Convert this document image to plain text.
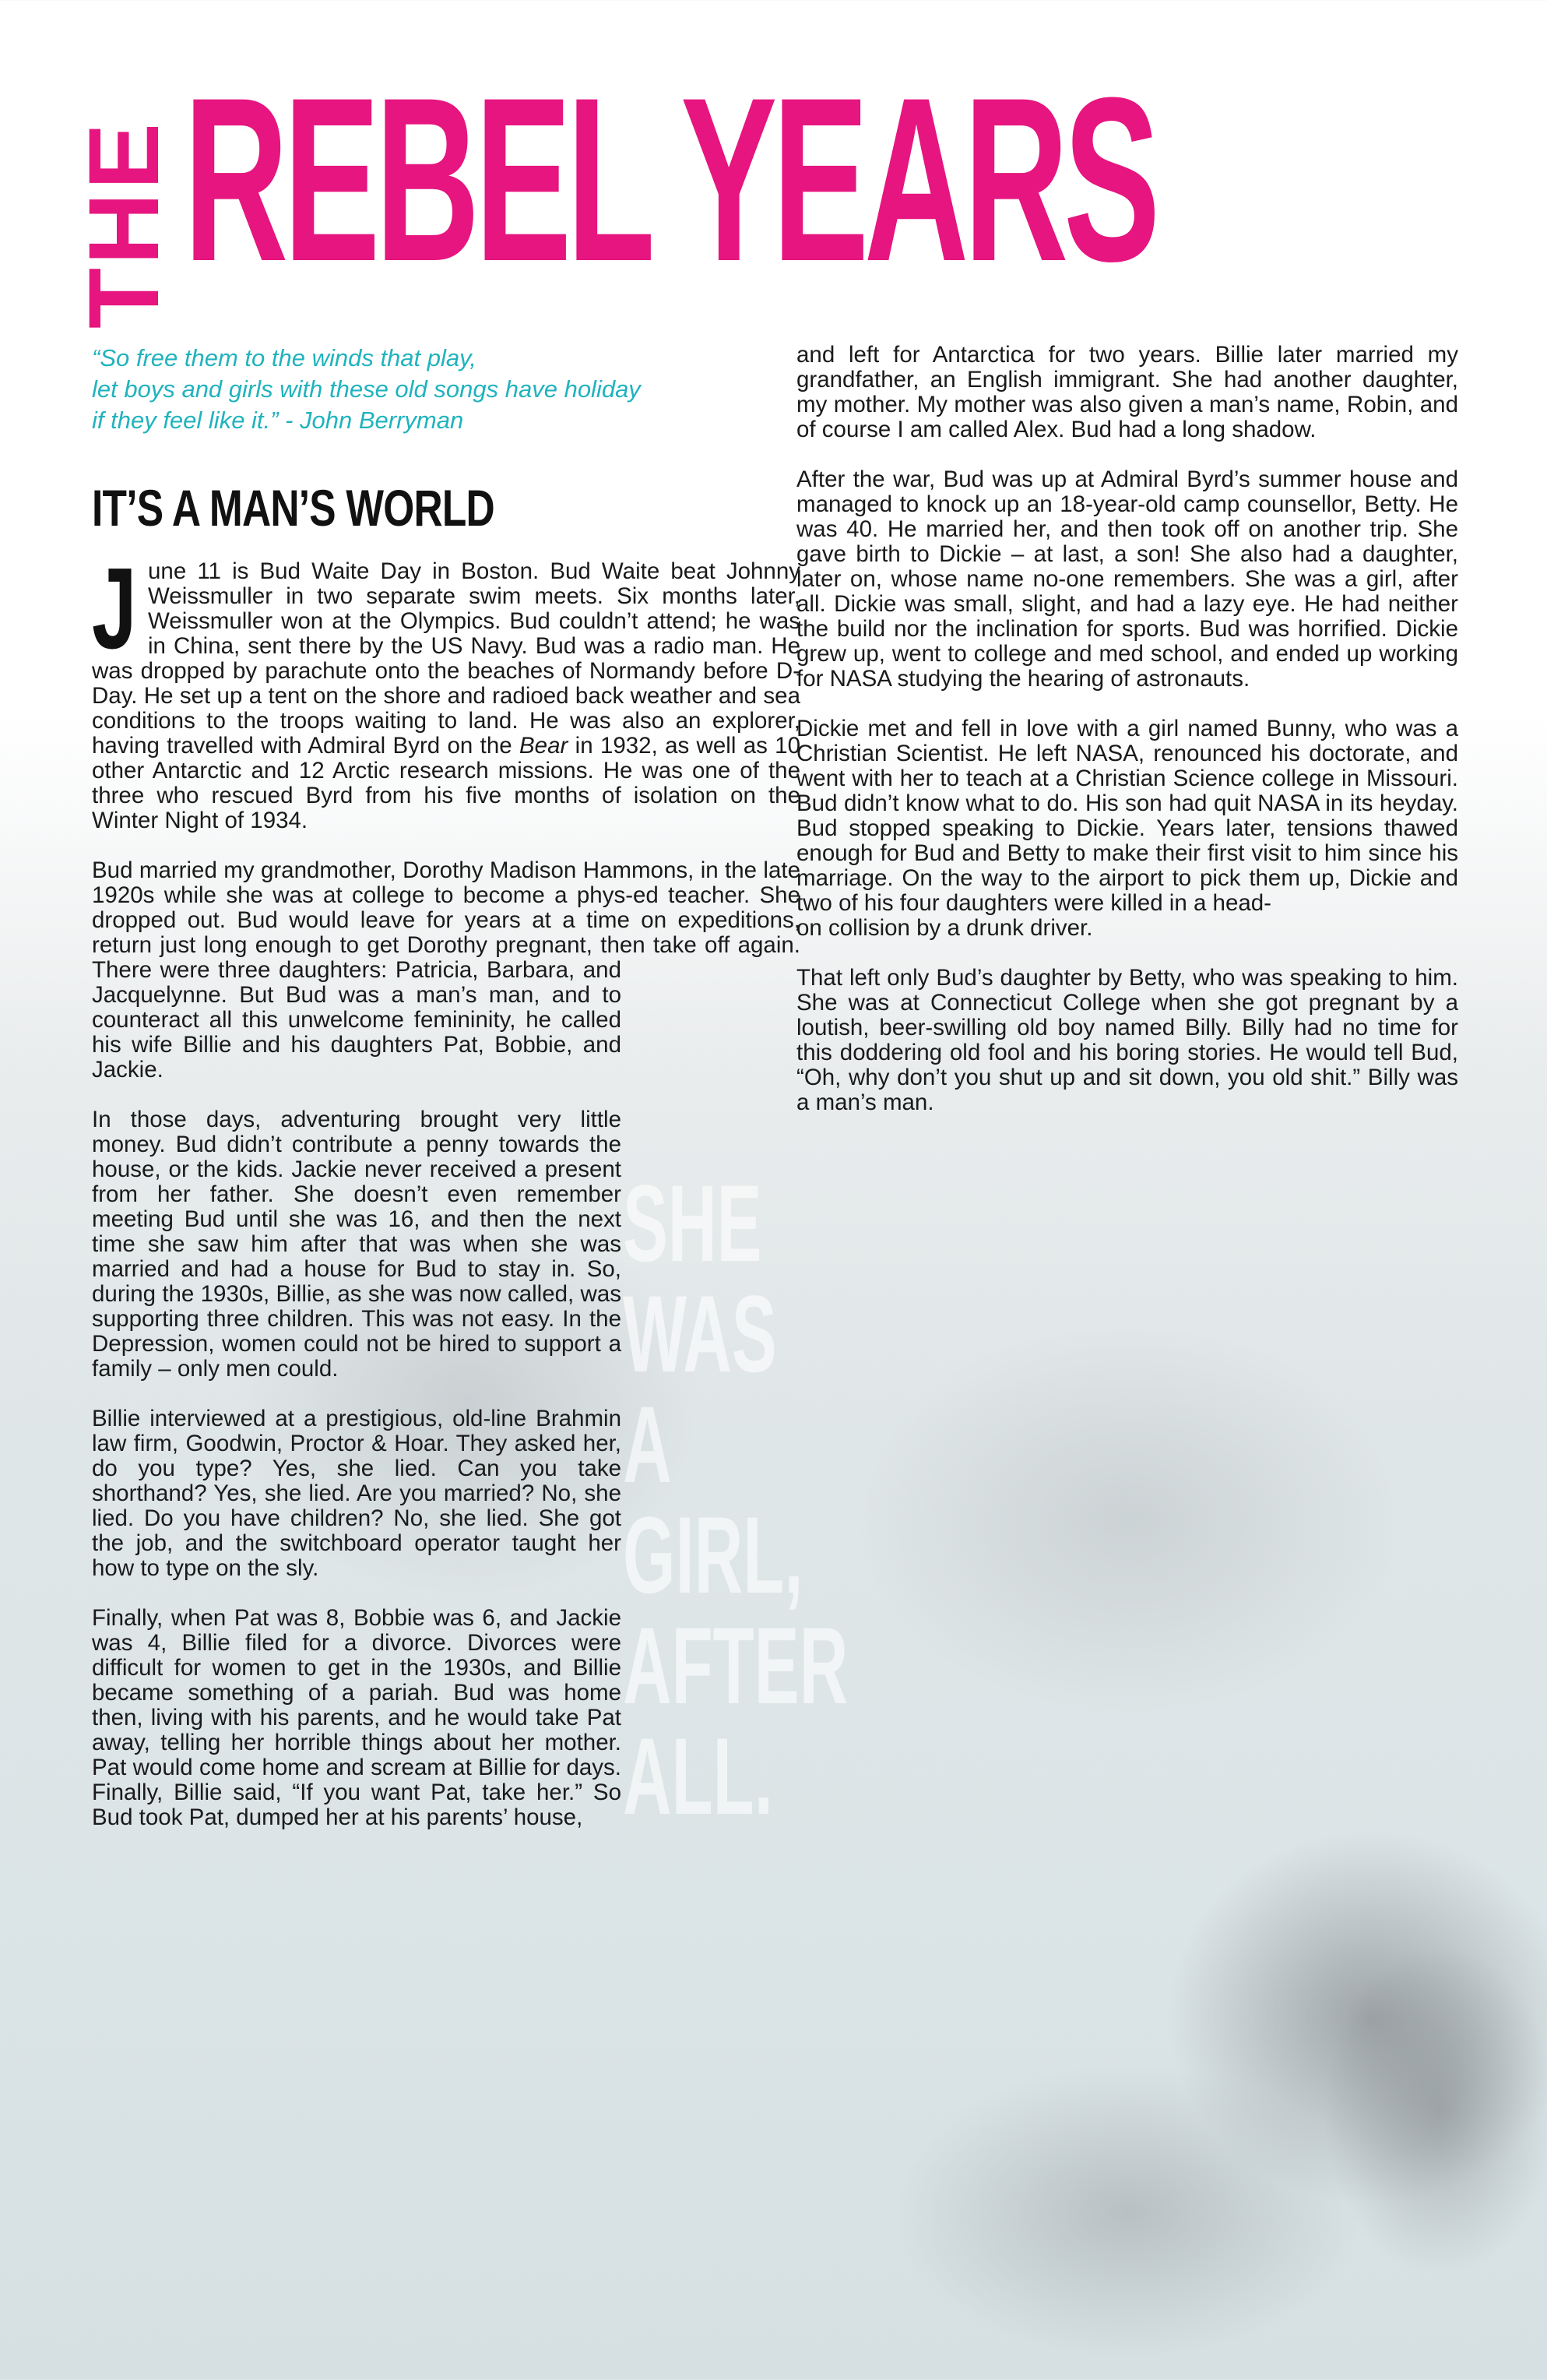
THE REBEL YEARS
“So free them to the winds that play,
let boys and girls with these old songs have holiday
if they feel like it.” - John Berryman
IT’S A MAN’S WORLD

J une 11 is Bud Waite Day in Boston. Bud Waite beat Johnny Weissmuller in two separate swim meets. Six months later, Weissmuller won at the Olympics. Bud couldn’t attend; he was in China, sent there by the US Navy. Bud was a radio man. He was dropped by parachute onto the beaches of Normandy before D-Day. He set up a tent on the shore and radioed back weather and sea conditions to the troops waiting to land. He was also an explorer, having travelled with Admiral Byrd on the Bear in 1932, as well as 10 other Antarctic and 12 Arctic research missions. He was one of the three who rescued Byrd from his five months of isolation on the Winter Night of 1934.

Bud married my grandmother, Dorothy Madison Hammons, in the late 1920s while she was at college to become a phys-ed teacher. She dropped out. Bud would leave for years at a time on expeditions, return just long enough to get Dorothy pregnant, then take off again. There were three daughters: Patricia, Barbara, and Jacquelynne. But Bud was a man’s man, and to counteract all this unwelcome femininity, he called his wife Billie and his daughters Pat, Bobbie, and Jackie.

In those days, adventuring brought very little money. Bud didn’t contribute a penny towards the house, or the kids. Jackie never received a present from her father. She doesn’t even remember meeting Bud until she was 16, and then the next time she saw him after that was when she was married and had a house for Bud to stay in. So, during the 1930s, Billie, as she was now called, was supporting three children. This was not easy. In the Depression, women could not be hired to support a family – only men could.

Billie interviewed at a prestigious, old-line Brahmin law firm, Goodwin, Proctor & Hoar. They asked her, do you type? Yes, she lied. Can you take shorthand? Yes, she lied. Are you married? No, she lied. Do you have children? No, she lied. She got the job, and the switchboard operator taught her how to type on the sly.

Finally, when Pat was 8, Bobbie was 6, and Jackie was 4, Billie filed for a divorce. Divorces were difficult for women to get in the 1930s, and Billie became something of a pariah. Bud was home then, living with his parents, and he would take Pat away, telling her horrible things about her mother. Pat would come home and scream at Billie for days. Finally, Billie said, “If you want Pat, take her.” So Bud took Pat, dumped her at his parents’ house,

SHE
WAS A
GIRL,
AFTER
ALL.

and left for Antarctica for two years. Billie later married my grandfather, an English immigrant. She had another daughter, my mother. My mother was also given a man’s name, Robin, and of course I am called Alex. Bud had a long shadow.

After the war, Bud was up at Admiral Byrd’s summer house and managed to knock up an 18-year-old camp counsellor, Betty. He was 40. He married her, and then took off on another trip. She gave birth to Dickie – at last, a son! She also had a daughter, later on, whose name no-one remembers. She was a girl, after all. Dickie was small, slight, and had a lazy eye. He had neither the build nor the inclination for sports. Bud was horrified. Dickie grew up, went to college and med school, and ended up working for NASA studying the hearing of astronauts.

Dickie met and fell in love with a girl named Bunny, who was a Christian Scientist. He left NASA, renounced his doctorate, and went with her to teach at a Christian Science college in Missouri. Bud didn’t know what to do. His son had quit NASA in its heyday. Bud stopped speaking to Dickie. Years later, tensions thawed enough for Bud and Betty to make their first visit to him since his marriage. On the way to the airport to pick them up, Dickie and two of his four daughters were killed in a head-

on collision by a drunk driver.

That left only Bud’s daughter by Betty, who was speaking to him. She was at Connecticut College when she got pregnant by a loutish, beer-swilling old boy named Billy. Billy had no time for this doddering old fool and his boring stories. He would tell Bud, “Oh, why don’t you shut up and sit down, you old shit.” Billy was a man’s man.
